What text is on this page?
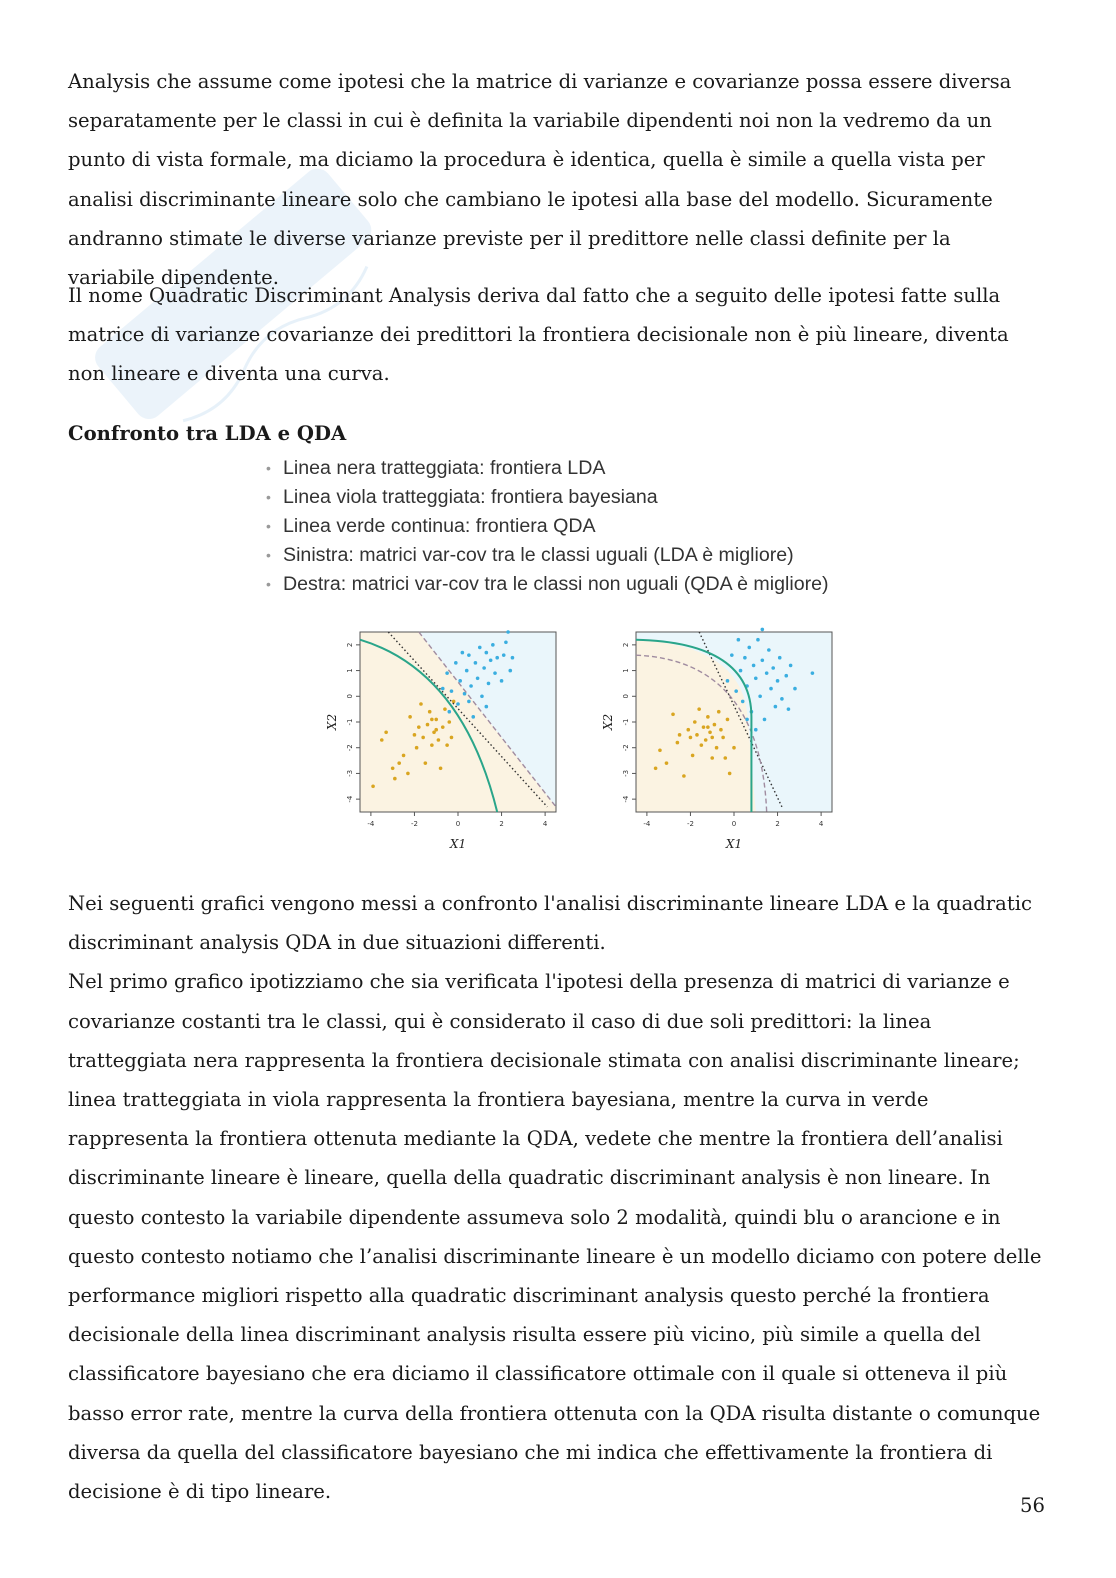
Analysis che assume come ipotesi che la matrice di varianze e covarianze possa essere diversa separatamente per le classi in cui è definita la variabile dipendenti noi non la vedremo da un punto di vista formale, ma diciamo la procedura è identica, quella è simile a quella vista per analisi discriminante lineare solo che cambiano le ipotesi alla base del modello. Sicuramente andranno stimate le diverse varianze previste per il predittore nelle classi definite per la variabile dipendente.
Il nome Quadratic Discriminant Analysis deriva dal fatto che a seguito delle ipotesi fatte sulla matrice di varianze covarianze dei predittori la frontiera decisionale non è più lineare, diventa non lineare e diventa una curva.
Confronto tra LDA e QDA
• Linea nera tratteggiata: frontiera LDA
• Linea viola tratteggiata: frontiera bayesiana
• Linea verde continua: frontiera QDA
• Sinistra: matrici var-cov tra le classi uguali (LDA è migliore)
• Destra: matrici var-cov tra le classi non uguali (QDA è migliore)
-4	-2	0	2	4
-4
-3
-2
-1
0
1
2
X1
X2
-4	-2	0	2	4
-4
-3
-2
-1
0
1
2
X1
X2
Nei seguenti grafici vengono messi a confronto l'analisi discriminante lineare LDA e la quadratic discriminant analysis QDA in due situazioni differenti.
Nel primo grafico ipotizziamo che sia verificata l'ipotesi della presenza di matrici di varianze e covarianze costanti tra le classi, qui è considerato il caso di due soli predittori: la linea tratteggiata nera rappresenta la frontiera decisionale stimata con analisi discriminante lineare; linea tratteggiata in viola rappresenta la frontiera bayesiana, mentre la curva in verde rappresenta la frontiera ottenuta mediante la QDA, vedete che mentre la frontiera dell’analisi discriminante lineare è lineare, quella della quadratic discriminant analysis è non lineare. In questo contesto la variabile dipendente assumeva solo 2 modalità, quindi blu o arancione e in questo contesto notiamo che l’analisi discriminante lineare è un modello diciamo con potere delle performance migliori rispetto alla quadratic discriminant analysis questo perché la frontiera decisionale della linea discriminant analysis risulta essere più vicino, più simile a quella del classificatore bayesiano che era diciamo il classificatore ottimale con il quale si otteneva il più basso error rate, mentre la curva della frontiera ottenuta con la QDA risulta distante o comunque diversa da quella del classificatore bayesiano che mi indica che effettivamente la frontiera di decisione è di tipo lineare.
56
